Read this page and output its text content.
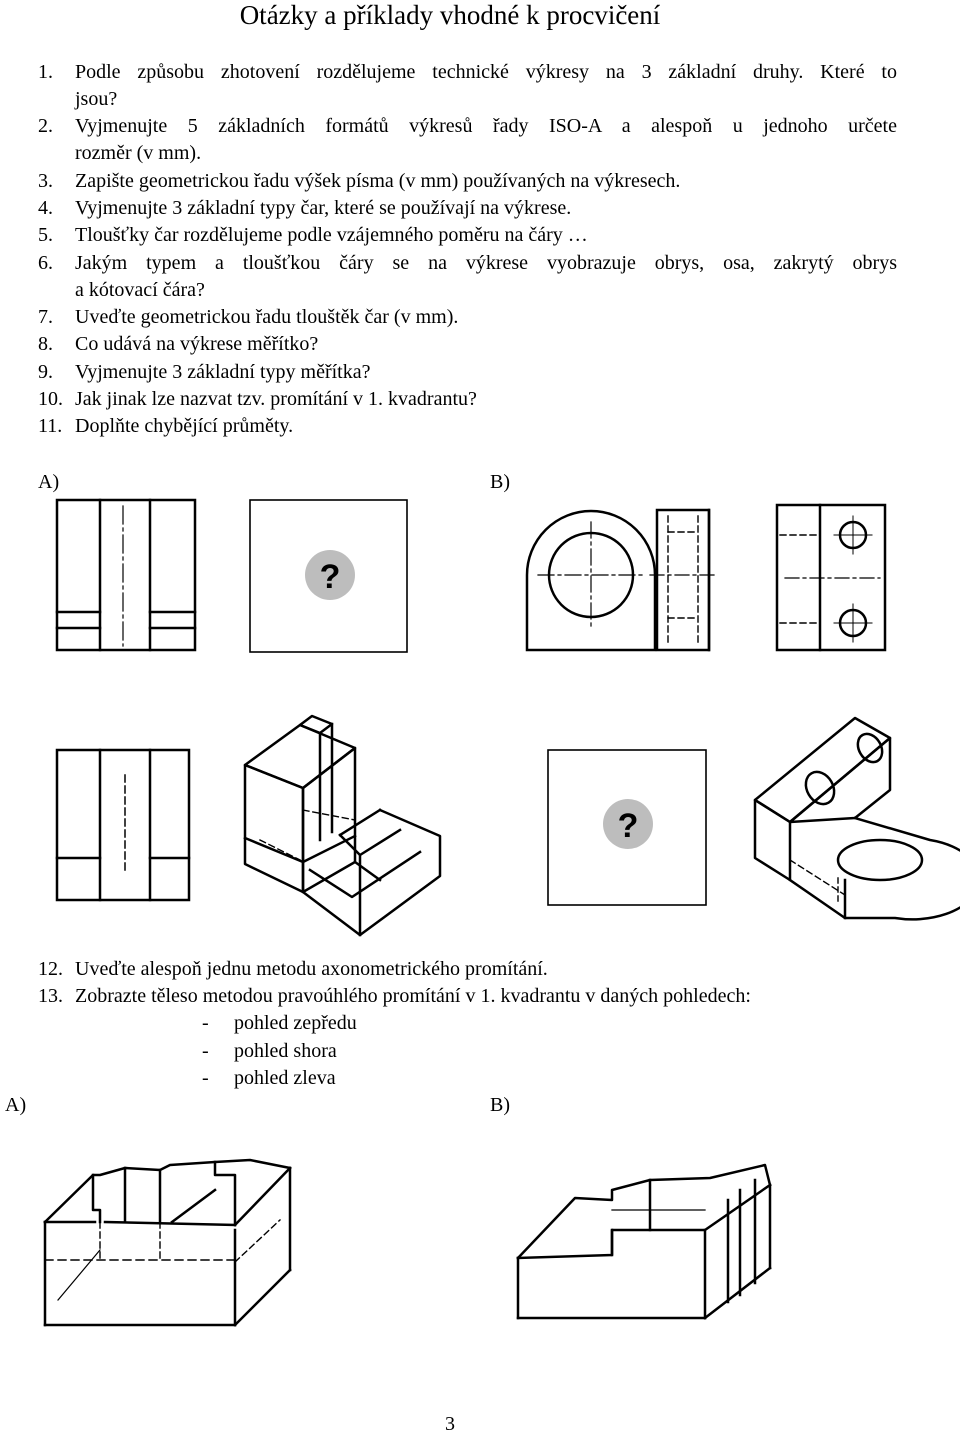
Otázky a příklady vhodné k procvičení
1.	Podle způsobu zhotovení rozdělujeme technické výkresy na 3 základní druhy. Které to
jsou?
2.	Vyjmenujte 5 základních formátů výkresů řady ISO-A a alespoň u jednoho určete
rozměr (v mm).
3.	Zapište geometrickou řadu výšek písma (v mm) používaných na výkresech.
4.	Vyjmenujte 3 základní typy čar, které se používají na výkrese.
5.	Tloušťky čar rozdělujeme podle vzájemného poměru na čáry …
6.	Jakým typem a tloušťkou čáry se na výkrese vyobrazuje obrys, osa, zakrytý obrys
a kótovací čára?
7.	Uveďte geometrickou řadu tlouštěk čar (v mm).
8.	Co udává na výkrese měřítko?
9.	Vyjmenujte 3 základní typy měřítka?
10. Jak jinak lze nazvat tzv. promítání v 1. kvadrantu?
11. Doplňte chybějící průměty.
A)	B)
?
?
12. Uveďte alespoň jednu metodu axonometrického promítání.
13. Zobrazte těleso metodou pravoúhlého promítání v 1. kvadrantu v daných pohledech:
- pohled zepředu
- pohled shora
- pohled zleva
A)	B)
3
